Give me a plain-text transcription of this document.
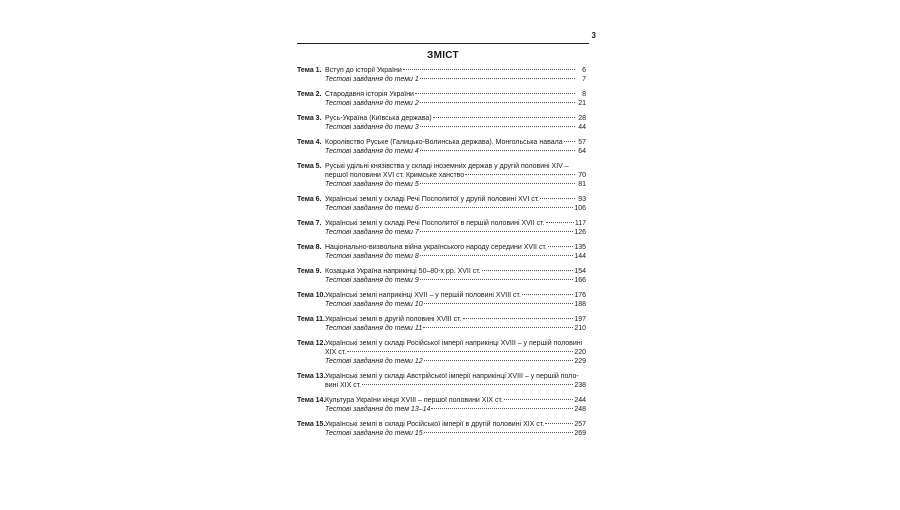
3
ЗМІСТ
Тема 1. Вступ до історії України	6
Тестові завдання до теми 1	7
Тема 2. Стародавня історія України	8
Тестові завдання до теми 2	21
Тема 3. Русь-Україна (Київська держава)	28
Тестові завдання до теми 3	44
Тема 4. Королівство Руське (Галицько-Волинська держава). Монгольська навала	57
Тестові завдання до теми 4	64
Тема 5. Руські удільні князівства у складі іноземних держав у другій половині XIV –
першої половини XVI ст. Кримське ханство	70
Тестові завдання до теми 5	81
Тема 6. Українські землі у складі Речі Посполитої у другій половині XVI ст.	93
Тестові завдання до теми 6	106
Тема 7. Українські землі у складі Речі Посполитої в першій половині XVII ст.	117
Тестові завдання до теми 7	126
Тема 8. Національно-визвольна війна українського народу середини XVII ст.	135
Тестові завдання до теми 8	144
Тема 9. Козацька Україна наприкінці 50–80-х рр. XVII ст.	154
Тестові завдання до теми 9	166
Тема 10. Українські землі наприкінці XVII – у першій половині XVIII ст.	176
Тестові завдання до теми 10	188
Тема 11. Українські землі в другій половині XVIII ст.	197
Тестові завдання до теми 11	210
Тема 12. Українські землі у складі Російської імперії наприкінці XVIII – у першій половині
XIX ст.	220
Тестові завдання до теми 12	229
Тема 13. Українські землі у складі Австрійської імперії наприкінці XVIII – у першій поло-
вині XIX ст.	238
Тема 14. Культура України кінця XVIII – першої половини XIX ст.	244
Тестові завдання до тем 13–14	248
Тема 15. Українські землі в складі Російської імперії в другій половині XIX ст.	257
Тестові завдання до теми 15	269
